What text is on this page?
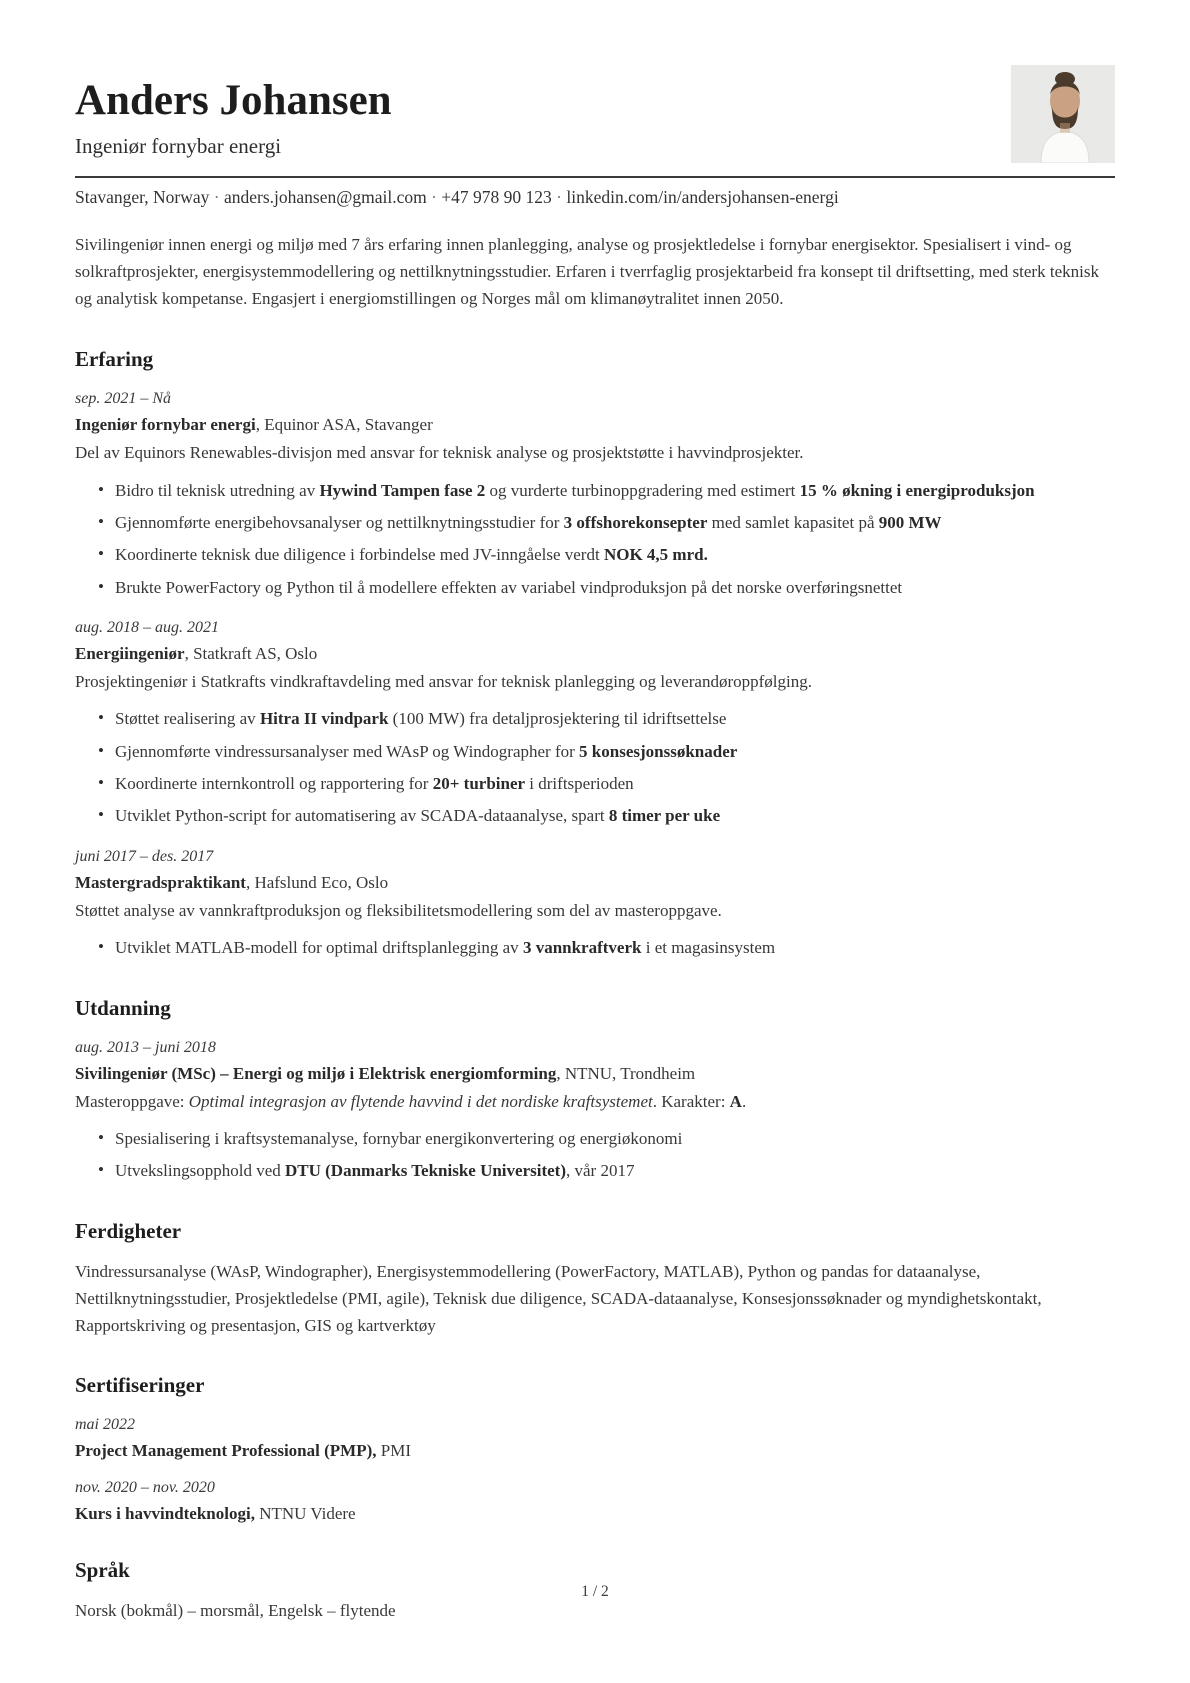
Anders Johansen
Ingeniør fornybar energi
Stavanger, Norway · anders.johansen@gmail.com · +47 978 90 123 · linkedin.com/in/andersjohansen-energi

Sivilingeniør innen energi og miljø med 7 års erfaring innen planlegging, analyse og prosjektledelse i fornybar energisektor. Spesialisert i vind- og solkraftprosjekter, energisystemmodellering og nettilknytningsstudier. Erfaren i tverrfaglig prosjektarbeid fra konsept til driftsetting, med sterk teknisk og analytisk kompetanse. Engasjert i energiomstillingen og Norges mål om klimanøytralitet innen 2050.

Erfaring
sep. 2021 – Nå
Ingeniør fornybar energi, Equinor ASA, Stavanger
Del av Equinors Renewables-divisjon med ansvar for teknisk analyse og prosjektstøtte i havvindprosjekter.
• Bidro til teknisk utredning av Hywind Tampen fase 2 og vurderte turbinoppgradering med estimert 15 % økning i energiproduksjon
• Gjennomførte energibehovsanalyser og nettilknytningsstudier for 3 offshorekonsepter med samlet kapasitet på 900 MW
• Koordinerte teknisk due diligence i forbindelse med JV-inngåelse verdt NOK 4,5 mrd.
• Brukte PowerFactory og Python til å modellere effekten av variabel vindproduksjon på det norske overføringsnettet
aug. 2018 – aug. 2021
Energiingeniør, Statkraft AS, Oslo
Prosjektingeniør i Statkrafts vindkraftavdeling med ansvar for teknisk planlegging og leverandøroppfølging.
• Støttet realisering av Hitra II vindpark (100 MW) fra detaljprosjektering til idriftsettelse
• Gjennomførte vindressursanalyser med WAsP og Windographer for 5 konsesjonssøknader
• Koordinerte internkontroll og rapportering for 20+ turbiner i driftsperioden
• Utviklet Python-script for automatisering av SCADA-dataanalyse, spart 8 timer per uke
juni 2017 – des. 2017
Mastergradspraktikant, Hafslund Eco, Oslo
Støttet analyse av vannkraftproduksjon og fleksibilitetsmodellering som del av masteroppgave.
• Utviklet MATLAB-modell for optimal driftsplanlegging av 3 vannkraftverk i et magasinsystem
Utdanning
aug. 2013 – juni 2018
Sivilingeniør (MSc) – Energi og miljø i Elektrisk energiomforming, NTNU, Trondheim
Masteroppgave: Optimal integrasjon av flytende havvind i det nordiske kraftsystemet. Karakter: A.
• Spesialisering i kraftsystemanalyse, fornybar energikonvertering og energiøkonomi
• Utvekslingsopphold ved DTU (Danmarks Tekniske Universitet), vår 2017
Ferdigheter

Vindressursanalyse (WAsP, Windographer), Energisystemmodellering (PowerFactory, MATLAB), Python og pandas for dataanalyse, Nettilknytningsstudier, Prosjektledelse (PMI, agile), Teknisk due diligence, SCADA-dataanalyse, Konsesjonssøknader og myndighetskontakt, Rapportskriving og presentasjon, GIS og kartverktøy

Sertifiseringer
mai 2022
Project Management Professional (PMP), PMI
nov. 2020 – nov. 2020
Kurs i havvindteknologi, NTNU Videre
Språk

Norsk (bokmål) – morsmål, Engelsk – flytende

1 / 2
